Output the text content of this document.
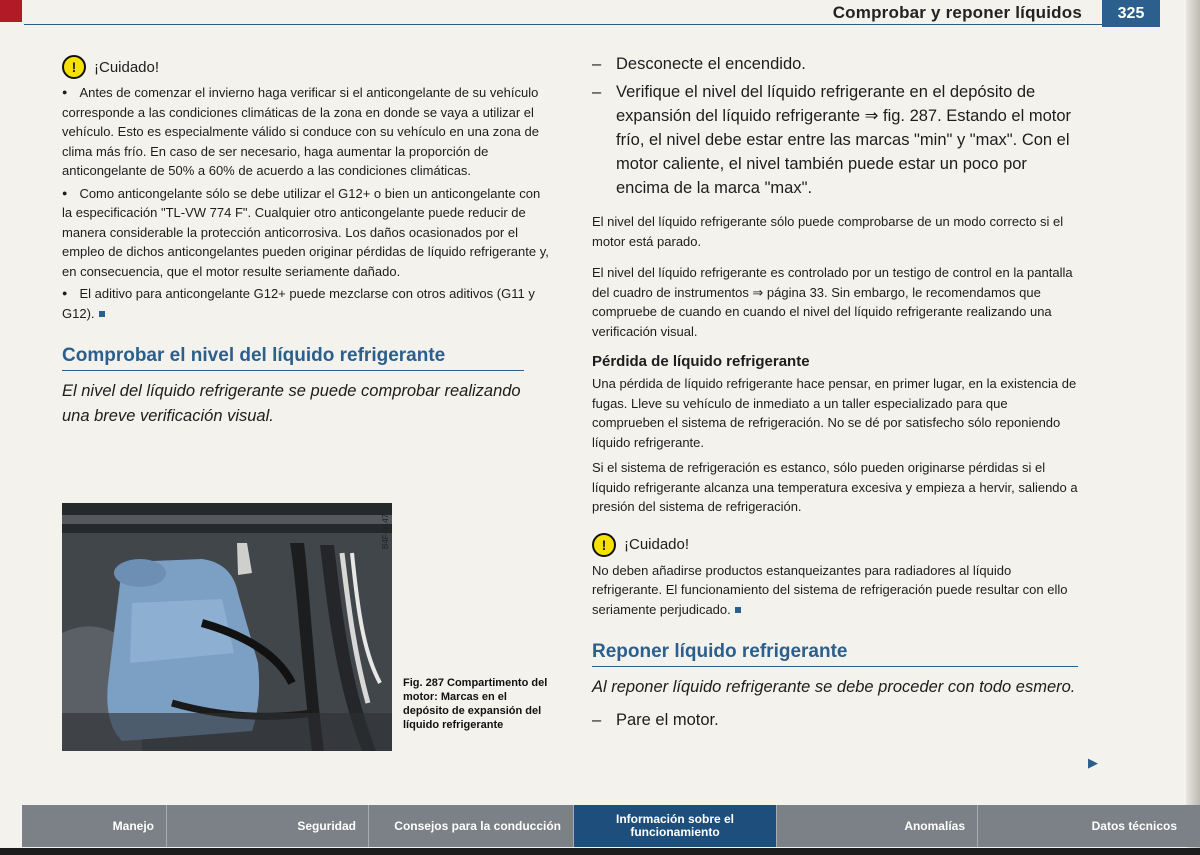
Comprobar y reponer líquidos	325
!	¡Cuidado!

● Antes de comenzar el invierno haga verificar si el anticongelante de su vehículo corresponde a las condiciones climáticas de la zona en donde se vaya a utilizar el vehículo. Esto es especialmente válido si conduce con su vehículo en una zona de clima más frío. En caso de ser necesario, haga aumentar la proporción de anticongelante de 50% a 60% de acuerdo a las condiciones climáticas.

● Como anticongelante sólo se debe utilizar el G12+ o bien un anticongelante con la especificación "TL-VW 774 F". Cualquier otro anticongelante puede reducir de manera considerable la protección anticorrosiva. Los daños ocasionados por el empleo de dichos anticongelantes pueden originar pérdidas de líquido refrigerante y, en consecuencia, que el motor resulte seriamente dañado.

● El aditivo para anticongelante G12+ puede mezclarse con otros aditivos (G11 y G12).

Comprobar el nivel del líquido refrigerante

El nivel del líquido refrigerante se puede comprobar realizando una breve verificación visual.

B4F-0147

Fig. 287 Compartimento del motor: Marcas en el depósito de expansión del líquido refrigerante

– Desconecte el encendido.
– Verifique el nivel del líquido refrigerante en el depósito de expansión del líquido refrigerante ⇒ fig. 287. Estando el motor frío, el nivel debe estar entre las marcas "min" y "max". Con el motor caliente, el nivel también puede estar un poco por encima de la marca "max".

El nivel del líquido refrigerante sólo puede comprobarse de un modo correcto si el motor está parado.

El nivel del líquido refrigerante es controlado por un testigo de control en la pantalla del cuadro de instrumentos ⇒ página 33. Sin embargo, le recomendamos que compruebe de cuando en cuando el nivel del líquido refrigerante realizando una verificación visual.

Pérdida de líquido refrigerante

Una pérdida de líquido refrigerante hace pensar, en primer lugar, en la existencia de fugas. Lleve su vehículo de inmediato a un taller especializado para que comprueben el sistema de refrigeración. No se dé por satisfecho sólo reponiendo líquido refrigerante.

Si el sistema de refrigeración es estanco, sólo pueden originarse pérdidas si el líquido refrigerante alcanza una temperatura excesiva y empieza a hervir, saliendo a presión del sistema de refrigeración.

!	¡Cuidado!

No deben añadirse productos estanqueizantes para radiadores al líquido refrigerante. El funcionamiento del sistema de refrigeración puede resultar con ello seriamente perjudicado.

Reponer líquido refrigerante

Al reponer líquido refrigerante se debe proceder con todo esmero.

– Pare el motor.
▶
Manejo	Seguridad	Consejos para la conducción	Información sobre el funcionamiento	Anomalías	Datos técnicos
